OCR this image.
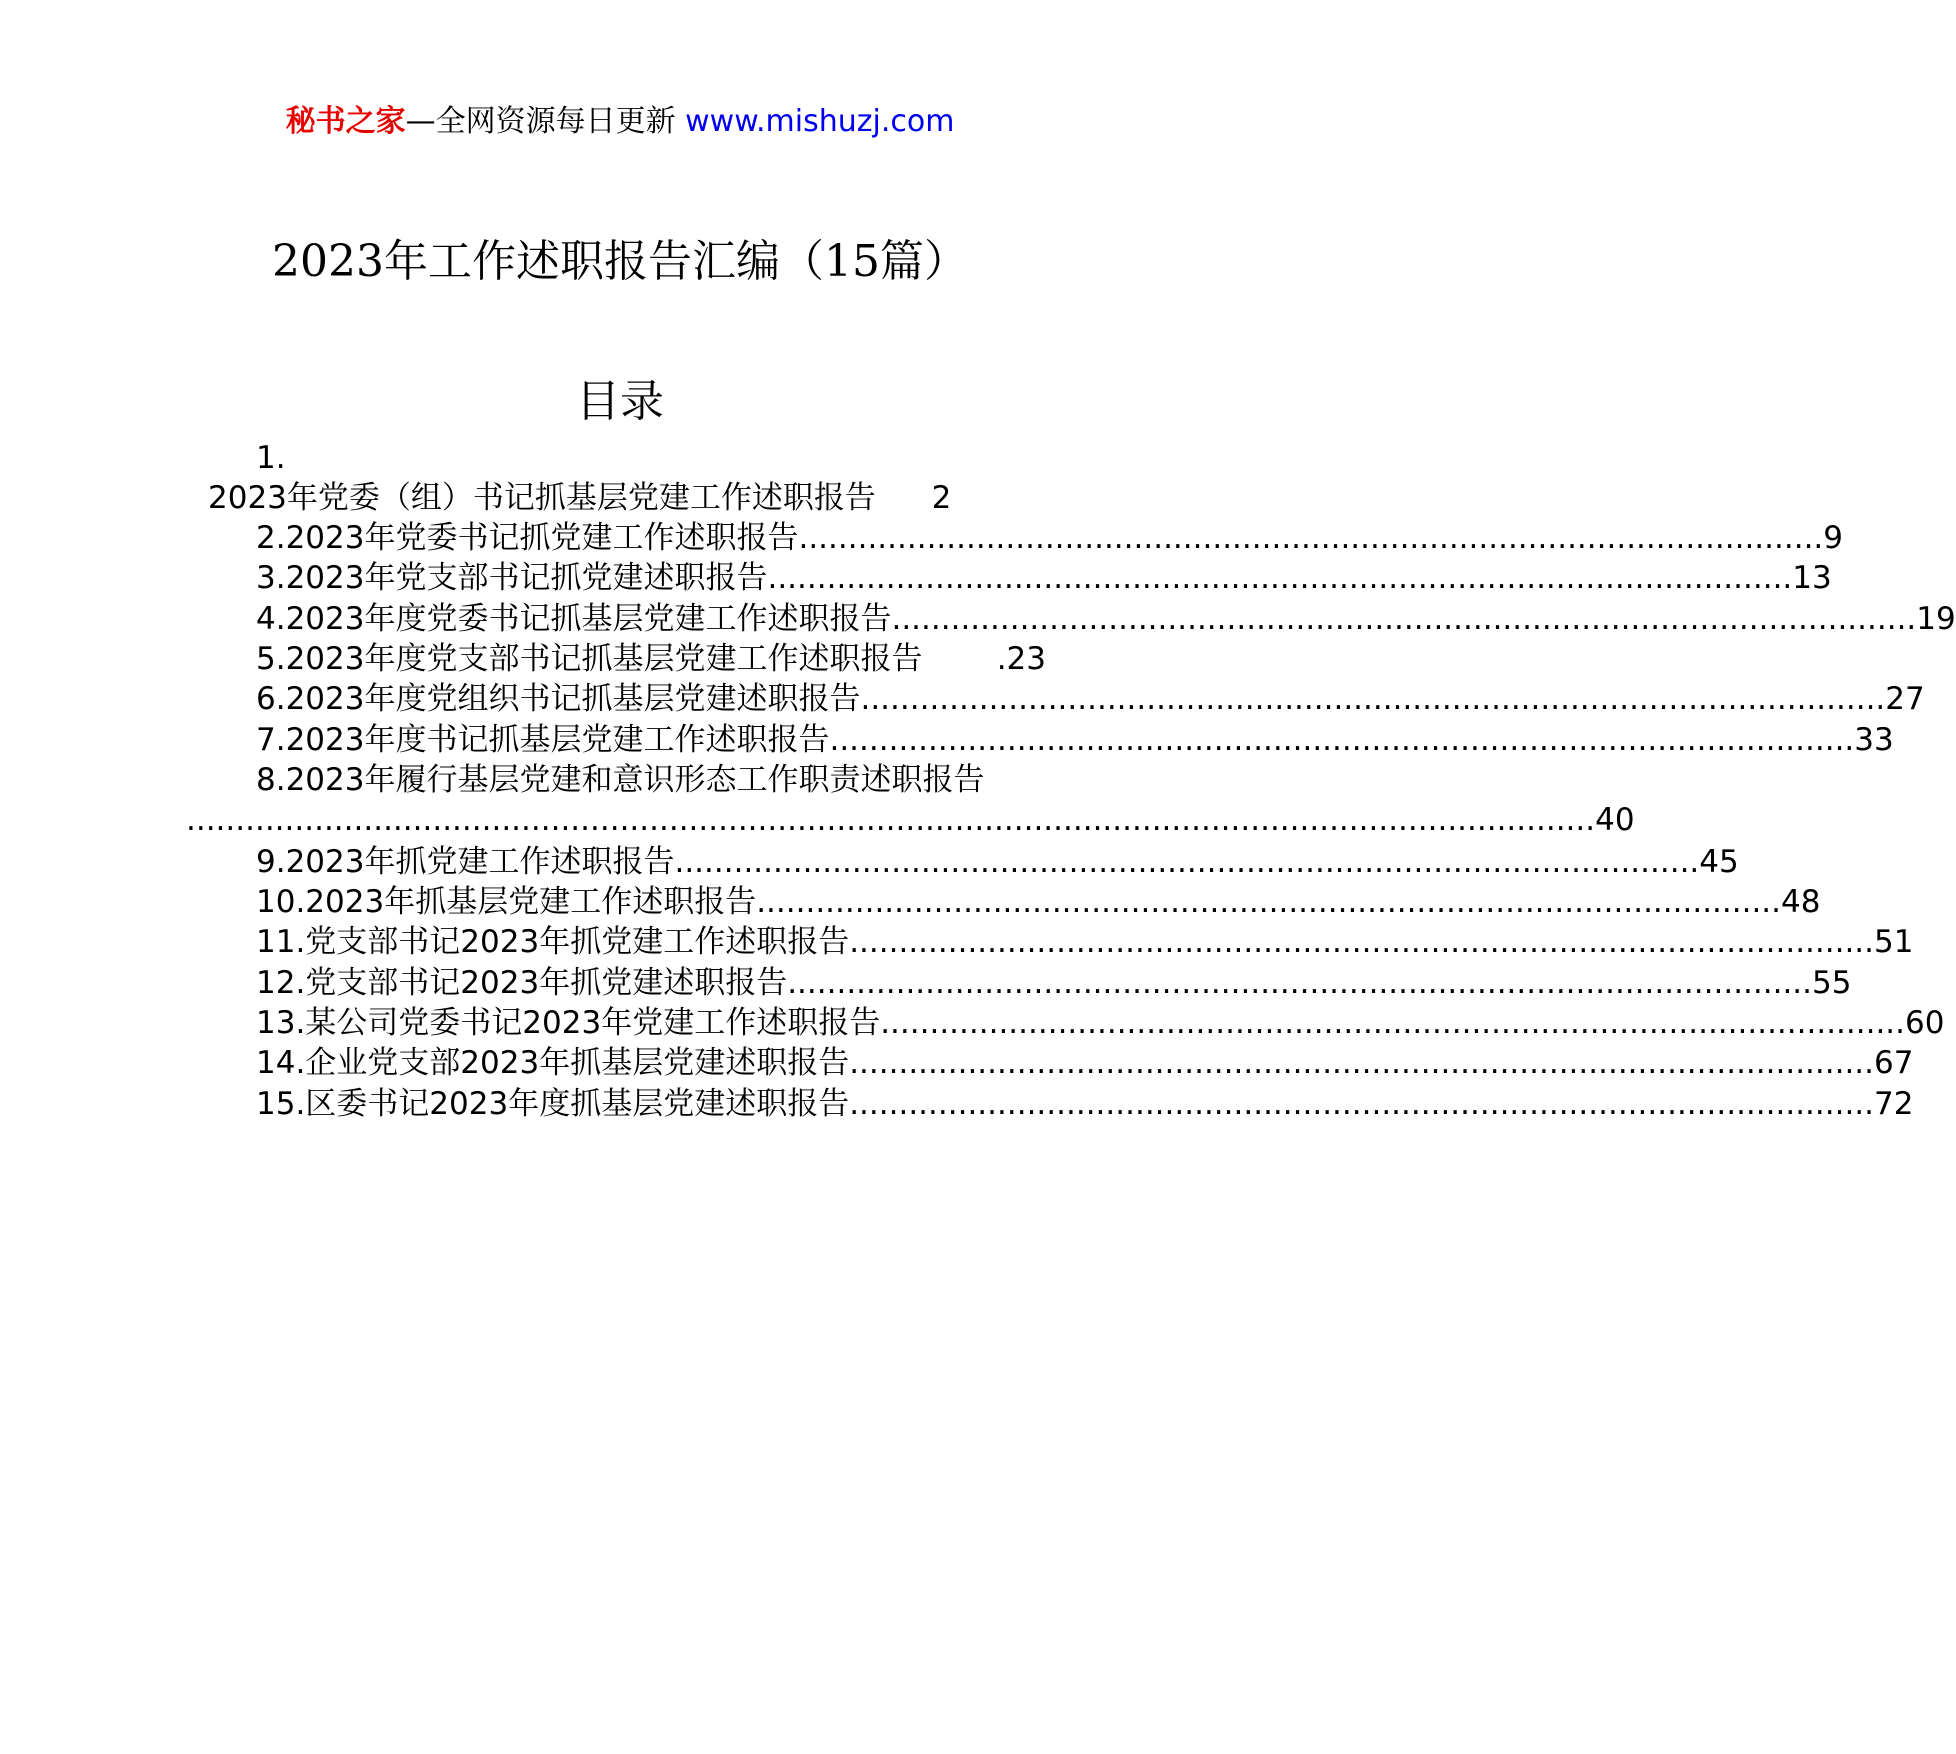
秘书之家—全网资源每日更新 www.mishuzj.com
2023年工作述职报告汇编（15篇）
目录
1.
2023年党委（组）书记抓基层党建工作述职报告 2
2.2023年党委书记抓党建工作述职报告 ........................................................................................................ 9
3.2023年党支部书记抓党建述职报告 ........................................................................................................ 13
4.2023年度党委书记抓基层党建工作述职报告 ........................................................................................................ 19
5.2023年度党支部书记抓基层党建工作述职报告
.23
6.2023年度党组织书记抓基层党建述职报告 ........................................................................................................ 27
7.2023年度书记抓基层党建工作述职报告 ........................................................................................................ 33
8.2023年履行基层党建和意识形态工作职责述职报告
............................................................................................................................................... 40
9.2023年抓党建工作述职报告 ........................................................................................................ 45
10.2023年抓基层党建工作述职报告 ........................................................................................................ 48
11.党支部书记2023年抓党建工作述职报告 ........................................................................................................ 51
12.党支部书记2023年抓党建述职报告 ........................................................................................................ 55
13.某公司党委书记2023年党建工作述职报告 ........................................................................................................ 60
14.企业党支部2023年抓基层党建述职报告 ........................................................................................................ 67
15.区委书记2023年度抓基层党建述职报告 ........................................................................................................ 72
